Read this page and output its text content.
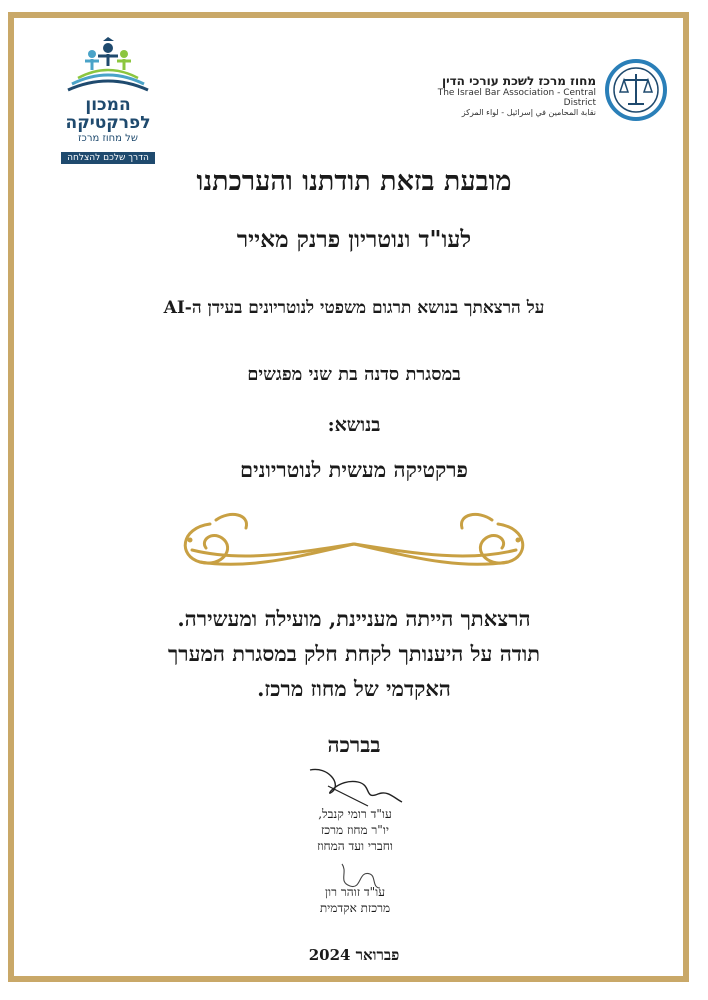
המכון לפרקטיקה
של מחוז מרכז
הדרך שלכם להצלחה
מחוז מרכז לשכת עורכי הדין
The Israel Bar Association - Central District
نقابة المحامين في إسرائيل - لواء المركز
מובעת בזאת תודתנו והערכתנו
לעו"ד ונוטריון פרנק מאייר
על הרצאתך בנושא תרגום משפטי לנוטריונים בעידן ה-AI
במסגרת סדנה בת שני מפגשים
בנושא:
פרקטיקה מעשית לנוטריונים
הרצאתך הייתה מעניינת, מועילה ומעשירה.
תודה על היענותך לקחת חלק במסגרת המערך
האקדמי של מחוז מרכז.
בברכה
עו"ד רומי קנבל,
יו"ר מחוז מרכז
וחברי ועד המחוז
עו"ד זוהר רון
מרכזת אקדמית
פברואר 2024
